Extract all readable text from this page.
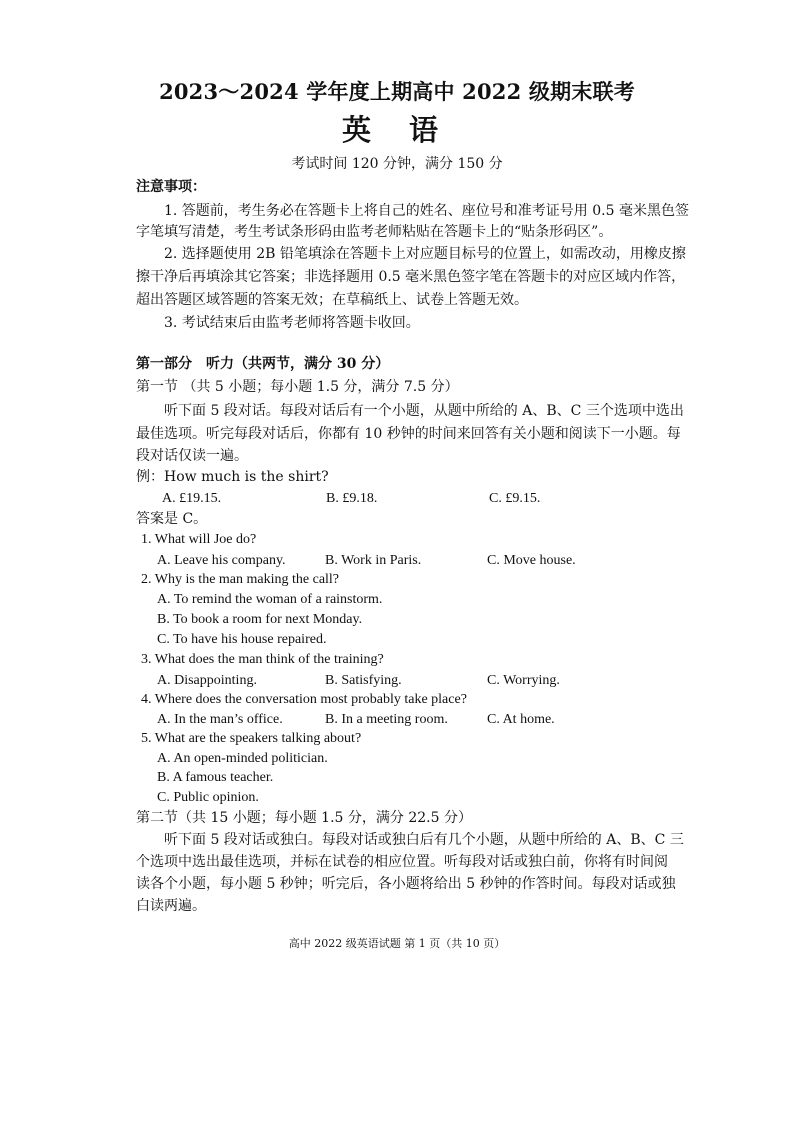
2023～2024 学年度上期高中 2022 级期末联考
英 语
考试时间 120 分钟，满分 150 分
注意事项：
1. 答题前，考生务必在答题卡上将自己的姓名、座位号和准考证号用 0.5 毫米黑色签
字笔填写清楚，考生考试条形码由监考老师粘贴在答题卡上的“贴条形码区”。
2. 选择题使用 2B 铅笔填涂在答题卡上对应题目标号的位置上，如需改动，用橡皮擦
擦干净后再填涂其它答案；非选择题用 0.5 毫米黑色签字笔在答题卡的对应区域内作答，
超出答题区域答题的答案无效；在草稿纸上、试卷上答题无效。
3. 考试结束后由监考老师将答题卡收回。
第一部分　听力（共两节，满分 30 分）
第一节 （共 5 小题；每小题 1.5 分，满分 7.5 分）
听下面 5 段对话。每段对话后有一个小题，从题中所给的 A、B、C 三个选项中选出
最佳选项。听完每段对话后，你都有 10 秒钟的时间来回答有关小题和阅读下一小题。每
段对话仅读一遍。
例：How much is the shirt?
A. £19.15.	B. £9.18.	C. £9.15.
答案是 C。
1. What will Joe do?
A. Leave his company.	B. Work in Paris.	C. Move house.
2. Why is the man making the call?
A. To remind the woman of a rainstorm.
B. To book a room for next Monday.
C. To have his house repaired.
3. What does the man think of the training?
A. Disappointing.	B. Satisfying.	C. Worrying.
4. Where does the conversation most probably take place?
A. In the man’s office.	B. In a meeting room.	C. At home.
5. What are the speakers talking about?
A. An open-minded politician.
B. A famous teacher.
C. Public opinion.
第二节（共 15 小题；每小题 1.5 分，满分 22.5 分）
听下面 5 段对话或独白。每段对话或独白后有几个小题，从题中所给的 A、B、C 三
个选项中选出最佳选项，并标在试卷的相应位置。听每段对话或独白前，你将有时间阅
读各个小题，每小题 5 秒钟；听完后，各小题将给出 5 秒钟的作答时间。每段对话或独
白读两遍。
高中 2022 级英语试题 第 1 页（共 10 页）
